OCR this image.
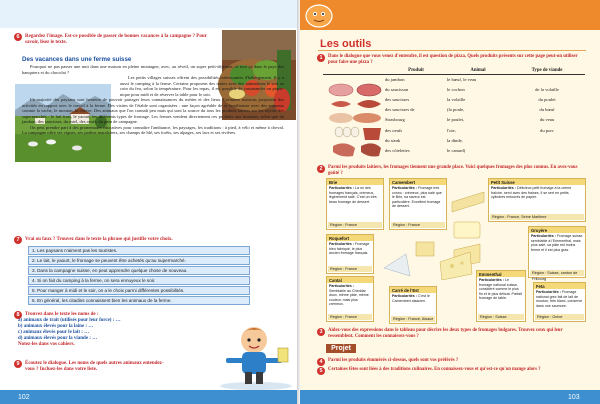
6	Regardez l'image. Est-ce possible de passer de bonnes vacances à la campagne ? Pour savoir, lisez le texte.
Des vacances dans une ferme suisse

Pourquoi ne pas passer une nuit dans une maison en pleine montagne, avec, au réveil, un super petit-déjeuner, et tout ça dans le pays des banquiers et du chocolat ?

Les petits villages suisses offrent des possibilités intéressantes d'hébergement. Il y a aussi le camping à la ferme. Certains proposent des tentes avec des animations le soir au coin du feu, selon la température. Pour les repas, il est possible de commander un pique-nique pour midi et de réserver la table pour le soir.

La majorité des paysans sont heureux de pouvoir partager leurs connaissances du métier et des lieux. Certaines maisons proposent des activités en rapport avec le travail à la ferme. Des visites de l'étable sont organisées : une façon agréable de se familiariser avec des animaux comme la vache, le mouton, la chèvre. Des animaux que l'on connaît peu mais qui sont la source du tous les produits laitiers sur les rayons des supermarchés : le lait frais, le yaourt, les différents types de fromage. Les fermes vendent directement ces produits aux touristes, selon que du jambon, des saucisses, du miel, des oeufs, du pain de campagne.

On peut prendre part à des promenades éducatives pour connaître l'ambiance, les paysages, les traditions : à pied, à vélo et même à cheval. La campagne offre ses vignes, ses jardins maraîchers, ses champs de blé, ses forêts, ses alpages, ses lacs et ses rivières.

7	Vrai ou faux ? Trouvez dans le texte la phrase qui justifie votre choix.
1. Les paysans n'aiment pas les touristes.
2. Le lait, le yaourt, le fromage se peuvent être achetés qu'au supermarché.
3. Dans la campagne suisse, en peut apprendre quelque chose de nouveau.
4. Si on fait du camping à la ferme, on sera ennuyeux le soir.
5. Pour manger à midi et le soir, on a le choix parmi différentes possibilités.
6. En général, les citadins connaissent bien les animaux de la ferme.
8	Trouvez dans le texte les noms de :
a) animaux de trait (utilisés pour leur force) : …
b) animaux élevés pour la laine : …
c) animaux élevés pour le lait : …
d) animaux élevés pour la viande : …
Notez-les dans vos cahiers.
9	Écoutez le dialogue. Les noms de quels autres animaux entendez-vous ? Incluez-les dans votre liste.
102
Les outils
1	Dans le dialogue que vous venez d'entendre, il est question de pizza. Quels produits présents sur cette page peut-on utiliser pour faire une pizza ?
	Produit	Animal	Type de viande
	du jambon	le bœuf, le veau	
	du saucisson	le cochon	de la volaille
	des saucisses	la volaille	du poulet
	des saucisses de	(la poule,	du bœuf
	Strasbourg	le poulet,	du veau
	des oeufs	l'oie,	du porc
	du steak	la dinde,	
	des côtelettes	le canard)	
2	Parmi les produits laitiers, les fromages tiennent une grande place. Voici quelques fromages des plus connus. En avez-vous goûté ?
Brie
Particularités : La roi des fromages français, crémeux, légèrement salé. C'est un très beau fromage de dessert.
Région : France
Camembert
Particularités : Fromage très connu : crémeux, plus salé que le Brie, sa saveur est particulière. Excellent fromage de dessert.
Région : France
Petit Suisse
Particularités : Délicieux petit fromage à la crème fraîche, servi avec des fraises. Il se sert en petits cylindres entourés de papier.
Région : France, Seine Maritime
Gruyère
Particularités : Fromage suisse semblable à l'Emmenthal, mais plus salé, sa pâte est moins ferme et il est plus gras.
Région : Suisse, canton de Fribourg
Roquefort
Particularités : Fromage bleu fabriqué, le plus ancien fromage français.
Région : France
Cantal
Particularités : Semblable au Cheddar doux, même pâte, même couleur, mais plus crémeux.
Région : France
Carré de l'Est
Particularités : C'est le Camembert alsacien.
Région : France, Alsace
Emmenthal
Particularités : Le fromage national suisse, considéré comme le plus fin et le plus délicat. Parfait fromage de table.
Région : Suisse
Feta
Particularités : Fromage national grec fait de lait de mouton, très blanc, conservé dans une saumure.
Région : Grèce
3	Aidez-vous des expressions dans le tableau pour décrire les deux types de fromages bulgares. Trouvez ceux qui leur ressemblent. Comment les connaissez-vous ?
Projet
4	Parmi les produits énumérés ci-dessus, quels sont vos préférés ?
5	Certaines fêtes sont liées à des traditions culinaires. En connaissez-vous et qu'est-ce qu'on mange alors ?
103
